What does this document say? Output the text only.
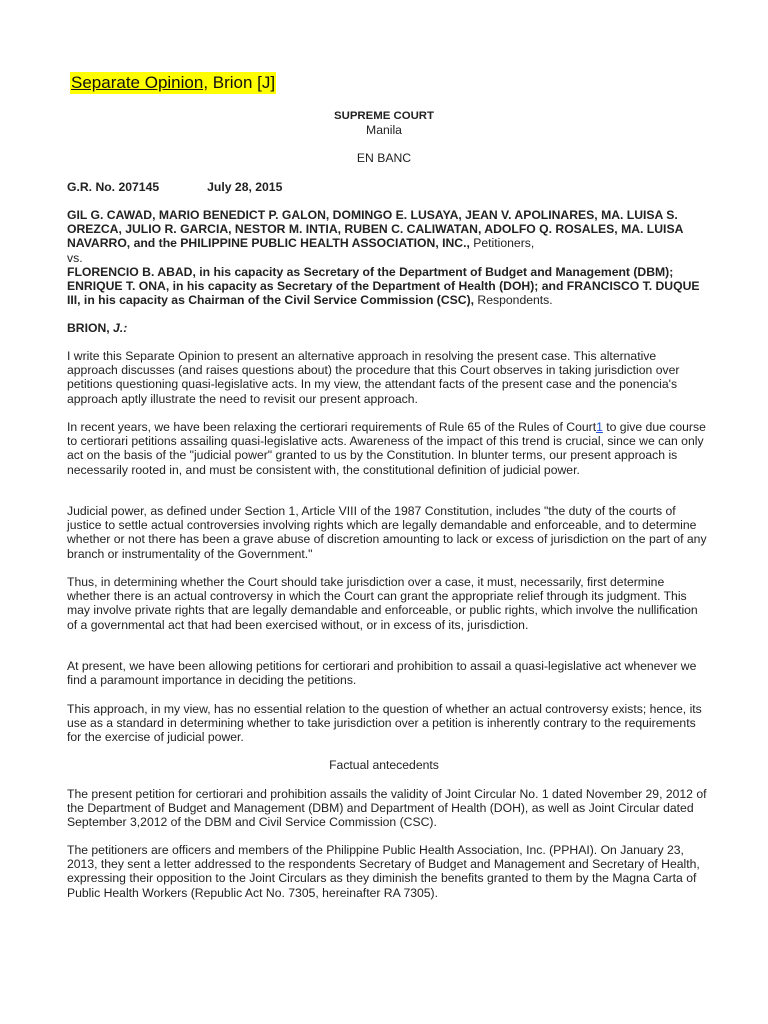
Separate Opinion, Brion [J]
SUPREME COURT
Manila
EN BANC
G.R. No. 207145	July 28, 2015
GIL G. CAWAD, MARIO BENEDICT P. GALON, DOMINGO E. LUSAYA, JEAN V. APOLINARES, MA. LUISA S. OREZCA, JULIO R. GARCIA, NESTOR M. INTIA, RUBEN C. CALIWATAN, ADOLFO Q. ROSALES, MA. LUISA NAVARRO, and the PHILIPPINE PUBLIC HEALTH ASSOCIATION, INC., Petitioners,
vs.
FLORENCIO B. ABAD, in his capacity as Secretary of the Department of Budget and Management (DBM); ENRIQUE T. ONA, in his capacity as Secretary of the Department of Health (DOH); and FRANCISCO T. DUQUE III, in his capacity as Chairman of the Civil Service Commission (CSC), Respondents.
BRION, J.:

I write this Separate Opinion to present an alternative approach in resolving the present case. This alternative approach discusses (and raises questions about) the procedure that this Court observes in taking jurisdiction over petitions questioning quasi-legislative acts. In my view, the attendant facts of the present case and the ponencia's approach aptly illustrate the need to revisit our present approach.

In recent years, we have been relaxing the certiorari requirements of Rule 65 of the Rules of Court1 to give due course to certiorari petitions assailing quasi-legislative acts. Awareness of the impact of this trend is crucial, since we can only act on the basis of the "judicial power" granted to us by the Constitution. In blunter terms, our present approach is necessarily rooted in, and must be consistent with, the constitutional definition of judicial power.

Judicial power, as defined under Section 1, Article VIII of the 1987 Constitution, includes "the duty of the courts of justice to settle actual controversies involving rights which are legally demandable and enforceable, and to determine whether or not there has been a grave abuse of discretion amounting to lack or excess of jurisdiction on the part of any branch or instrumentality of the Government."

Thus, in determining whether the Court should take jurisdiction over a case, it must, necessarily, first determine whether there is an actual controversy in which the Court can grant the appropriate relief through its judgment. This may involve private rights that are legally demandable and enforceable, or public rights, which involve the nullification of a governmental act that had been exercised without, or in excess of its, jurisdiction.

At present, we have been allowing petitions for certiorari and prohibition to assail a quasi-legislative act whenever we find a paramount importance in deciding the petitions.

This approach, in my view, has no essential relation to the question of whether an actual controversy exists; hence, its use as a standard in determining whether to take jurisdiction over a petition is inherently contrary to the requirements for the exercise of judicial power.

Factual antecedents

The present petition for certiorari and prohibition assails the validity of Joint Circular No. 1 dated November 29, 2012 of the Department of Budget and Management (DBM) and Department of Health (DOH), as well as Joint Circular dated September 3,2012 of the DBM and Civil Service Commission (CSC).

The petitioners are officers and members of the Philippine Public Health Association, Inc. (PPHAI). On January 23, 2013, they sent a letter addressed to the respondents Secretary of Budget and Management and Secretary of Health, expressing their opposition to the Joint Circulars as they diminish the benefits granted to them by the Magna Carta of Public Health Workers (Republic Act No. 7305, hereinafter RA 7305).
